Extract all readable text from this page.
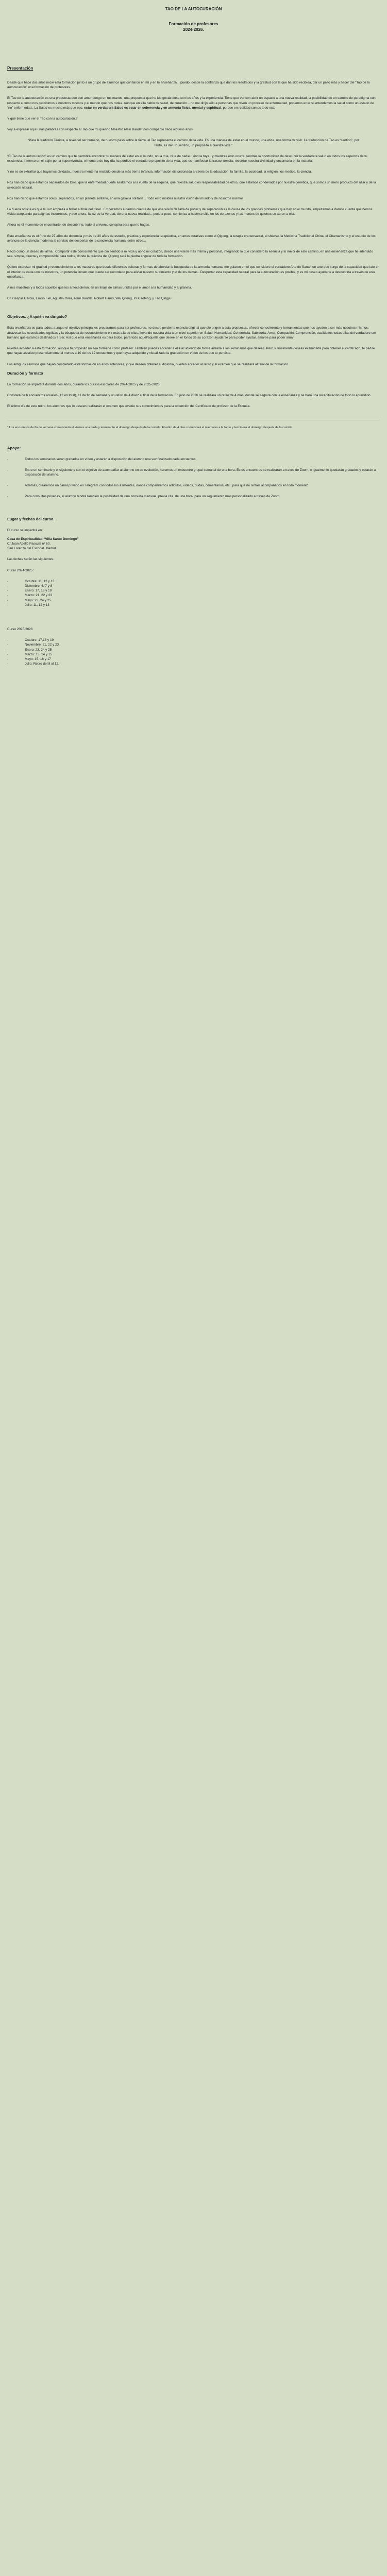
TAO DE LA AUTOCURACIÓN
Formación de profesores
2024-2026.
Presentación

Desde que hace dos años inicié esta formación junto a un grupo de alumnos que confiaron en mí y en la enseñanza... puedo, desde la confianza que dan los resultados y la gratitud con la que ha sido recibida, dar un paso más y hacer del “Tao de la autocuración” una formación de profesores.

El Tao de la autocuración es una propuesta que con amor pongo en tus manos, una propuesta que he ido gestándose con los años y la experiencia. Tiene que ver con abrir un espacio a una nueva realidad, la posibilidad de un cambio de paradigma con respecto a cómo nos percibimos a nosotros mismos y al mundo que nos rodea. Aunque en ella hablo de salud, de curación... no me dirijo sólo a personas que viven un proceso de enfermedad, podemos errar si entendemos la salud como un estado de “no” enfermedad.. La Salud es mucho más que eso, estar en verdadera Salud es estar en coherencia y en armonía física, mental y espiritual, porque en realidad somos todo esto.

Y qué tiene que ver el Tao con la autocuración.?

Voy a expresar aquí unas palabras con respecto al Tao que mi querido Maestro Alain Baudet nos compartió hace algunos años:

“Para la tradición Taoísta, a nivel del ser humano, de nuestro paso sobre la tierra, el Tao representa el camino de la vida. Es una manera de estar en el mundo, una ética, una forma de vivir. La traducción de Tao es “sentido”, por tanto, es dar un sentido, un propósito a nuestra vida.”

“El Tao de la autocuración” es un camino que te permitirá encontrar tu manera de estar en el mundo, no la mía, ni la de nadie.. sino la tuya.. y mientras esto ocurre, tendrás la oportunidad de descubrir la verdadera salud en todos los aspectos de tu existencia. Inmerso en el trajín por la supervivencia, el hombre de hoy día ha perdido el verdadero propósito de la vida, que es manifestar la trascendencia, recordar nuestra divinidad y encarnarla en la materia.

Y no es de extrañar que hayamos olvidado.. nuestra mente ha recibido desde la más tierna infancia, información distorsionada a través de la educación, la familia, la sociedad, la religión, los medios, la ciencia.

Nos han dicho que estamos separados de Dios, que la enfermedad puede asaltarnos a la vuelta de la esquina, que nuestra salud es responsabilidad de otros, que estamos condenados por nuestra genética, que somos un mero producto del azar y de la selección natural.

Nos han dicho que estamos solos, separados, en un planeta solitario, en una galaxia solitaria... Todo esto moldea nuestra visión del mundo y de nosotros mismos..

La buena noticia es que la Luz empieza a brillar al final del túnel.. Empezamos a darnos cuenta de que esa visión de falta de poder y de separación es la causa de los grandes problemas que hay en el mundo, empezamos a darnos cuenta que hemos vivido aceptando paradigmas incorrectos, y que ahora, la luz de la Verdad, de una nueva realidad... poco a poco, comienza a hacerse sitio en los corazones y las mentes de quienes se abren a ella.

Ahora es el momento de encontrarte, de descubrirte, todo el universo conspira para que lo hagas.

Esta enseñanza es el fruto de 27 años de docencia y más de 30 años de estudio, práctica y experiencia terapéutica, en artes curativas como el Qigong, la terapia craneosacral, el shiatsu, la Medicina Tradicional China, el Chamanismo y el estudio de los avances de la ciencia moderna al servicio del despertar de la conciencia humana, entre otros...

Nació como un deseo del alma.. Compartir este conocimiento que dio sentido a mi vida y abrió mi corazón, desde una visión más íntima y personal, integrando lo que considero la esencia y lo mejor de este camino, en una enseñanza que he intentado sea, simple, directa y comprensible para todos, donde la práctica del Qigong será la piedra angular de toda la formación.

Quiero expresar mi gratitud y reconocimiento a los maestros que desde diferentes culturas y formas de abordar la búsqueda de la armonía humana, me guiaron en el que considero el verdadero Arte de Sanar, un arte que surge de la capacidad que late en el interior de cada uno de nosotros, un potencial innato que puede ser recordado para aliviar nuestro sufrimiento y el de los demás.. Despertar esta capacidad natural para la autocuración es posible, y es mi deseo ayudarte a descubrirla a través de esta enseñanza.

A mis maestros y a todos aquellos que los antecedieron, en un linaje de almas unidas por el amor a la humanidad y al planeta.

Dr. Gaspar García, Emilio Fiel, Agustín Orea, Alain Baudet, Robert Harris, Wei Qifeng, Xi Xiaofeng, y Tao Qingyu.

Objetivos. ¿A quién va dirigido?

Esta enseñanza es para todos, aunque el objetivo principal es prepararnos para ser profesores, no deseo perder la esencia original que dio origen a esta propuesta.. ofrecer conocimiento y herramientas que nos ayuden a ser más nosotros mismos, atravesar las necesidades egóicas y la búsqueda de reconocimiento e ir más allá de ellas, llevando nuestra vida a un nivel superior en Salud, Humanidad, Coherencia, Sabiduría, Amor, Compasión, Comprensión, cualidades todas ellas del verdadero ser humano que estamos destinados a Ser. Así que esta enseñanza es para todos, para todo aquél/aquella que desee en el fondo de su corazón ayudarse para poder ayudar, amarse para poder amar.

Puedes acceder a esta formación, aunque tu propósito no sea formarte como profesor. También puedes acceder a ella acudiendo de forma aislada a los seminarios que desees. Pero si finalmente deseas examinarte para obtener el certificado, te pediré que hayas asistido presencialmente al menos a 10 de los 12 encuentros y que hayas adquirido y visualizado la grabación en vídeo de los que te perdiste.

Los antiguos alumnos que hayan completado esta formación en años anteriores, y que deseen obtener el diploma, pueden acceder al retiro y al examen que se realizará al final de la formación.

Duración y formato

La formación se impartirá durante dos años, durante los cursos escolares de 2024-2025 y de 2025-2026.

Constará de 6 encuentros anuales (12 en total), 11 de fin de semana y un retiro de 4 días* al final de la formación. En julio de 2026 se realizará un retiro de 4 días, donde se seguirá con la enseñanza y se hará una recapitulación de todo lo aprendido.

El último día de este retiro, los alumnos que lo deseen realizarán el examen que evalúe sus conocimientos para la obtención del Certificado de profesor de la Escuela.

* Los encuentros de fin de semana comenzarán el viernes a la tarde y terminarán el domingo después de la comida. El retiro de 4 días comenzará el miércoles a la tarde y terminará el domingo después de la comida.

Apoyo:
-	Todos los seminarios serán grabados en vídeo y estarán a disposición del alumno una vez finalizado cada encuentro.
-	Entre un seminario y el siguiente y con el objetivo de acompañar al alumno en su evolución, haremos un encuentro grupal semanal de una hora. Estos encuentros se realizarán a través de Zoom, e igualmente quedarán grabados y estarán a disposición del alumno.
-	Además, crearemos un canal privado en Telegram con todos los asistentes, donde compartiremos artículos, vídeos, dudas, comentarios, etc.. para que no sintáis acompañados en todo momento.
-	Para consultas privadas, el alumno tendrá también la posibilidad de una consulta mensual, previa cita, de una hora, para un seguimiento más personalizado a través de Zoom.
Lugar y fechas del curso.

El curso se impartirá en:

Casa de Espiritualidad “Villa Santo Domingo”

C/ Juan Abelló Pascual nº 60,

San Lorenzo del Escorial. Madrid.

Las fechas serán las siguientes:

Curso 2024-2025:

-	Octubre: 11, 12 y 13
-	Diciembre: 6, 7 y 8
-	Enero: 17, 18 y 19
-	Marzo: 21, 22 y 23
-	Mayo: 23, 24 y 25
-	Julio: 11, 12 y 13

Curso 2025-2026

-	Octubre: 17,18 y 19
-	Noviembre: 21, 22 y 23
-	Enero: 23, 24 y 25
-	Marzo: 13, 14 y 15
-	Mayo: 15, 16 y 17
-	Julio: Retiro del 8 al 12.
